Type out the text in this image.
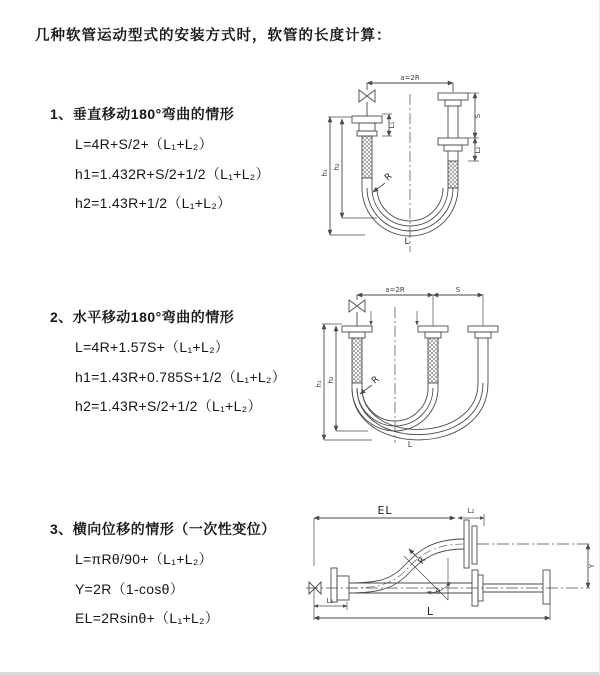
几种软管运动型式的安装方式时，软管的长度计算：
1、垂直移动180°弯曲的情形
L=4R+S/2+（L₁+L₂）
h1=1.432R+S/2+1/2（L₁+L₂）
h2=1.43R+1/2（L₁+L₂）
2、水平移动180°弯曲的情形
L=4R+1.57S+（L₁+L₂）
h1=1.43R+0.785S+1/2（L₁+L₂）
h2=1.43R+S/2+1/2（L₁+L₂）
3、横向位移的情形（一次性变位）
L=πRθ/90+（L₁+L₂）
Y=2R（1-cosθ）
EL=2Rsinθ+（L₁+L₂）
a=2R
S
L₂
L₁
h₁
h₂
R
L
a=2R	S
h₁
h₂	R
L
EL	L₂
Y
R
θ
L₁
L
